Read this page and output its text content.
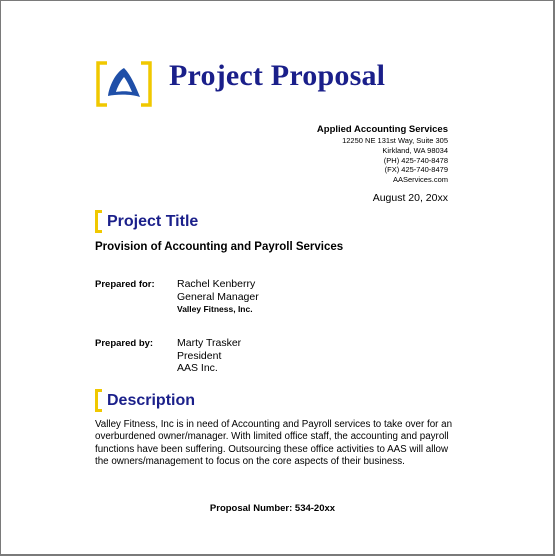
Project Proposal
Applied Accounting Services
12250 NE 131st Way, Suite 305
Kirkland, WA 98034
(PH) 425-740-8478
(FX) 425-740-8479
AAServices.com
August 20, 20xx
Project Title
Provision of Accounting and Payroll Services
Prepared for: Rachel Kenberry
General Manager
Valley Fitness, Inc.
Prepared by: Marty Trasker
President
AAS Inc.
Description
Valley Fitness, Inc is in need of Accounting and Payroll services to take over for an overburdened owner/manager. With limited office staff, the accounting and payroll functions have been suffering. Outsourcing these office activities to AAS will allow the owners/management to focus on the core aspects of their business.
Proposal Number: 534-20xx
